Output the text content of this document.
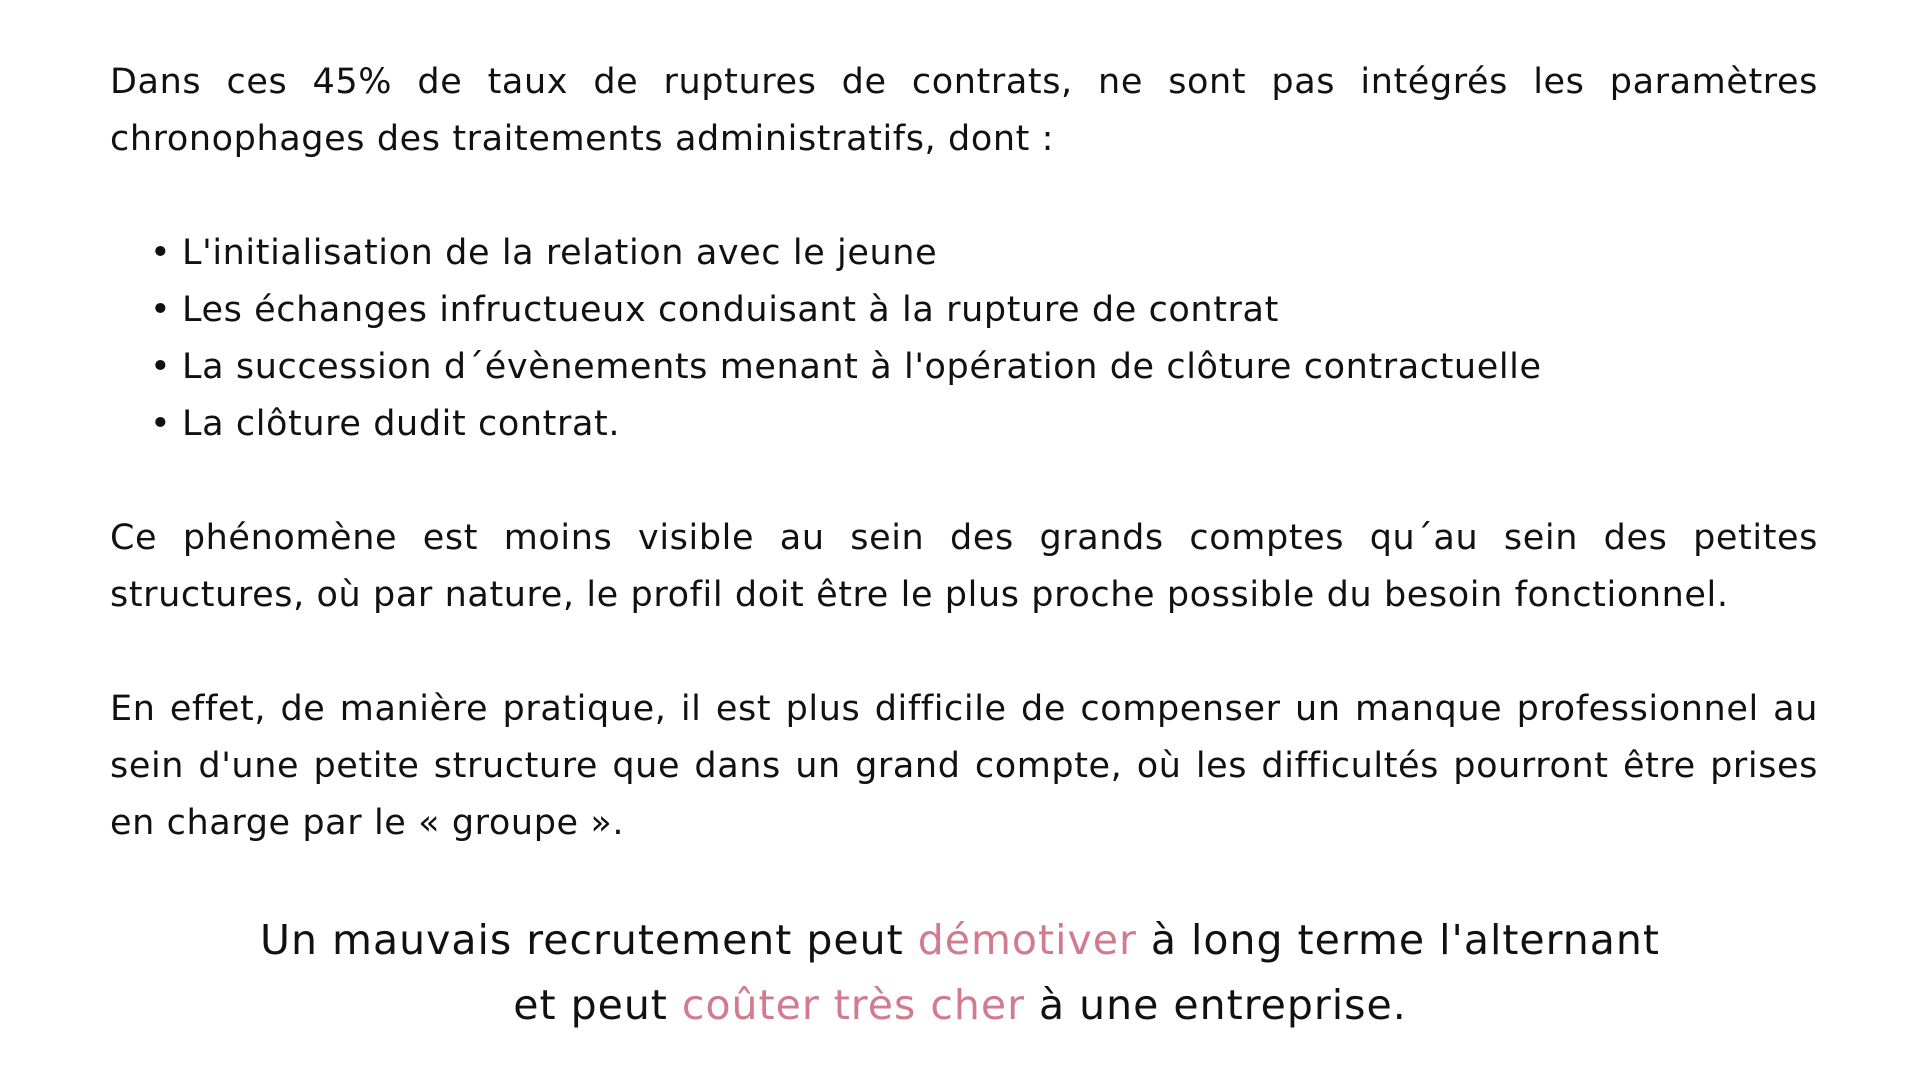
Dans ces 45% de taux de ruptures de contrats, ne sont pas intégrés les paramètres chronophages des traitements administratifs, dont :

• L'initialisation de la relation avec le jeune
• Les échanges infructueux conduisant à la rupture de contrat
• La succession d´évènements menant à l'opération de clôture contractuelle
• La clôture dudit contrat.

Ce phénomène est moins visible au sein des grands comptes qu´au sein des petites structures, où par nature, le profil doit être le plus proche possible du besoin fonctionnel.

En effet, de manière pratique, il est plus difficile de compenser un manque professionnel au sein d'une petite structure que dans un grand compte, où les difficultés pourront être prises en charge par le « groupe ».

Un mauvais recrutement peut démotiver à long terme l'alternant
et peut coûter très cher à une entreprise.
